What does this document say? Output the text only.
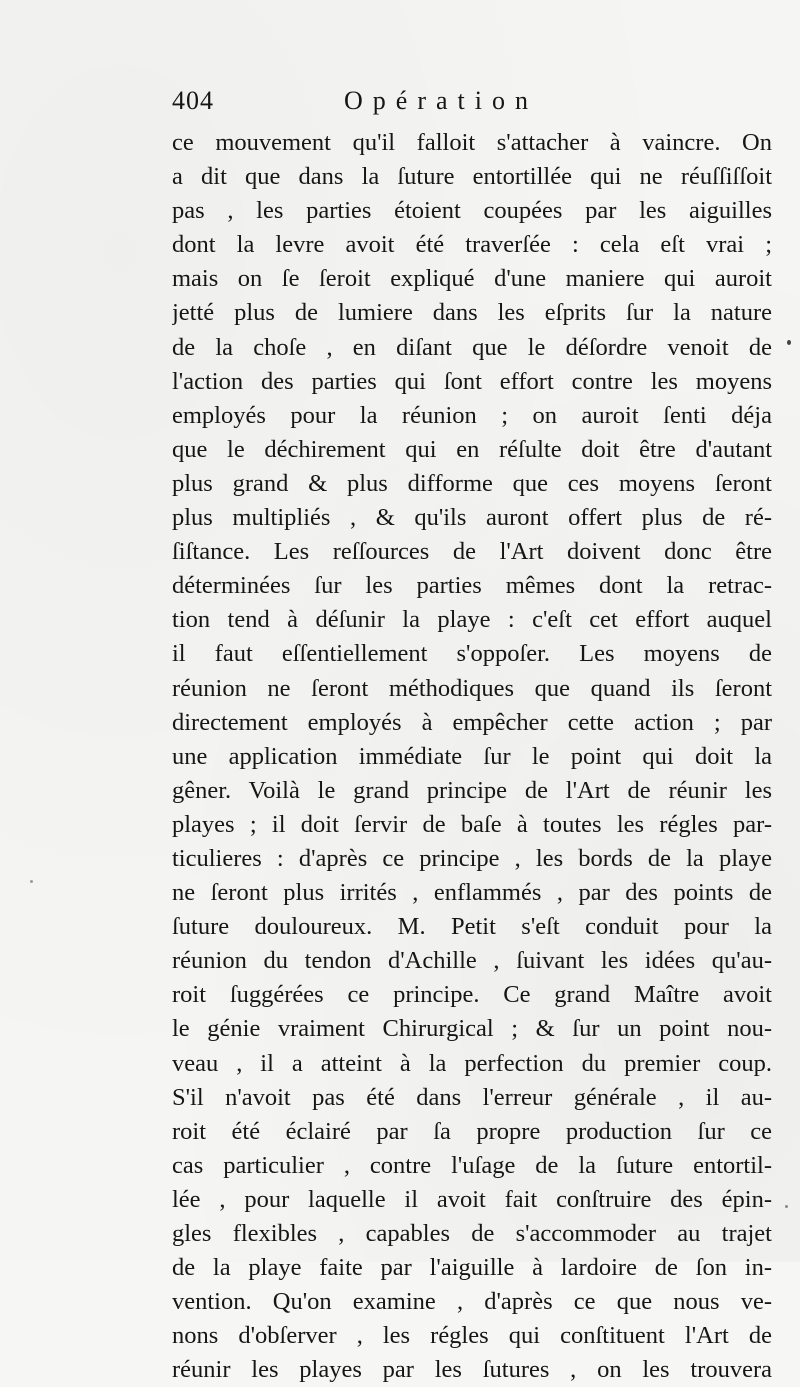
404	Opération
ce mouvement qu'il falloit s'attacher à vaincre. On
a dit que dans la ſuture entortillée qui ne réuſſiſſoit
pas , les parties étoient coupées par les aiguilles
dont la levre avoit été traverſée : cela eſt vrai ;
mais on ſe ſeroit expliqué d'une maniere qui auroit
jetté plus de lumiere dans les eſprits ſur la nature
de la choſe , en diſant que le déſordre venoit de
l'action des parties qui ſont effort contre les moyens
employés pour la réunion ; on auroit ſenti déja
que le déchirement qui en réſulte doit être d'autant
plus grand & plus difforme que ces moyens ſeront
plus multipliés , & qu'ils auront offert plus de ré-
ſiſtance. Les reſſources de l'Art doivent donc être
déterminées ſur les parties mêmes dont la retrac-
tion tend à déſunir la playe : c'eſt cet effort auquel
il faut eſſentiellement s'oppoſer. Les moyens de
réunion ne ſeront méthodiques que quand ils ſeront
directement employés à empêcher cette action ; par
une application immédiate ſur le point qui doit la
gêner. Voilà le grand principe de l'Art de réunir les
playes ; il doit ſervir de baſe à toutes les régles par-
ticulieres : d'après ce principe , les bords de la playe
ne ſeront plus irrités , enflammés , par des points de
ſuture douloureux. M. Petit s'eſt conduit pour la
réunion du tendon d'Achille , ſuivant les idées qu'au-
roit ſuggérées ce principe. Ce grand Maître avoit
le génie vraiment Chirurgical ; & ſur un point nou-
veau , il a atteint à la perfection du premier coup.
S'il n'avoit pas été dans l'erreur générale , il au-
roit été éclairé par ſa propre production ſur ce
cas particulier , contre l'uſage de la ſuture entortil-
lée , pour laquelle il avoit fait conſtruire des épin-
gles flexibles , capables de s'accommoder au trajet
de la playe faite par l'aiguille à lardoire de ſon in-
vention. Qu'on examine , d'après ce que nous ve-
nons d'obſerver , les régles qui conſtituent l'Art de
réunir les playes par les ſutures , on les trouvera
